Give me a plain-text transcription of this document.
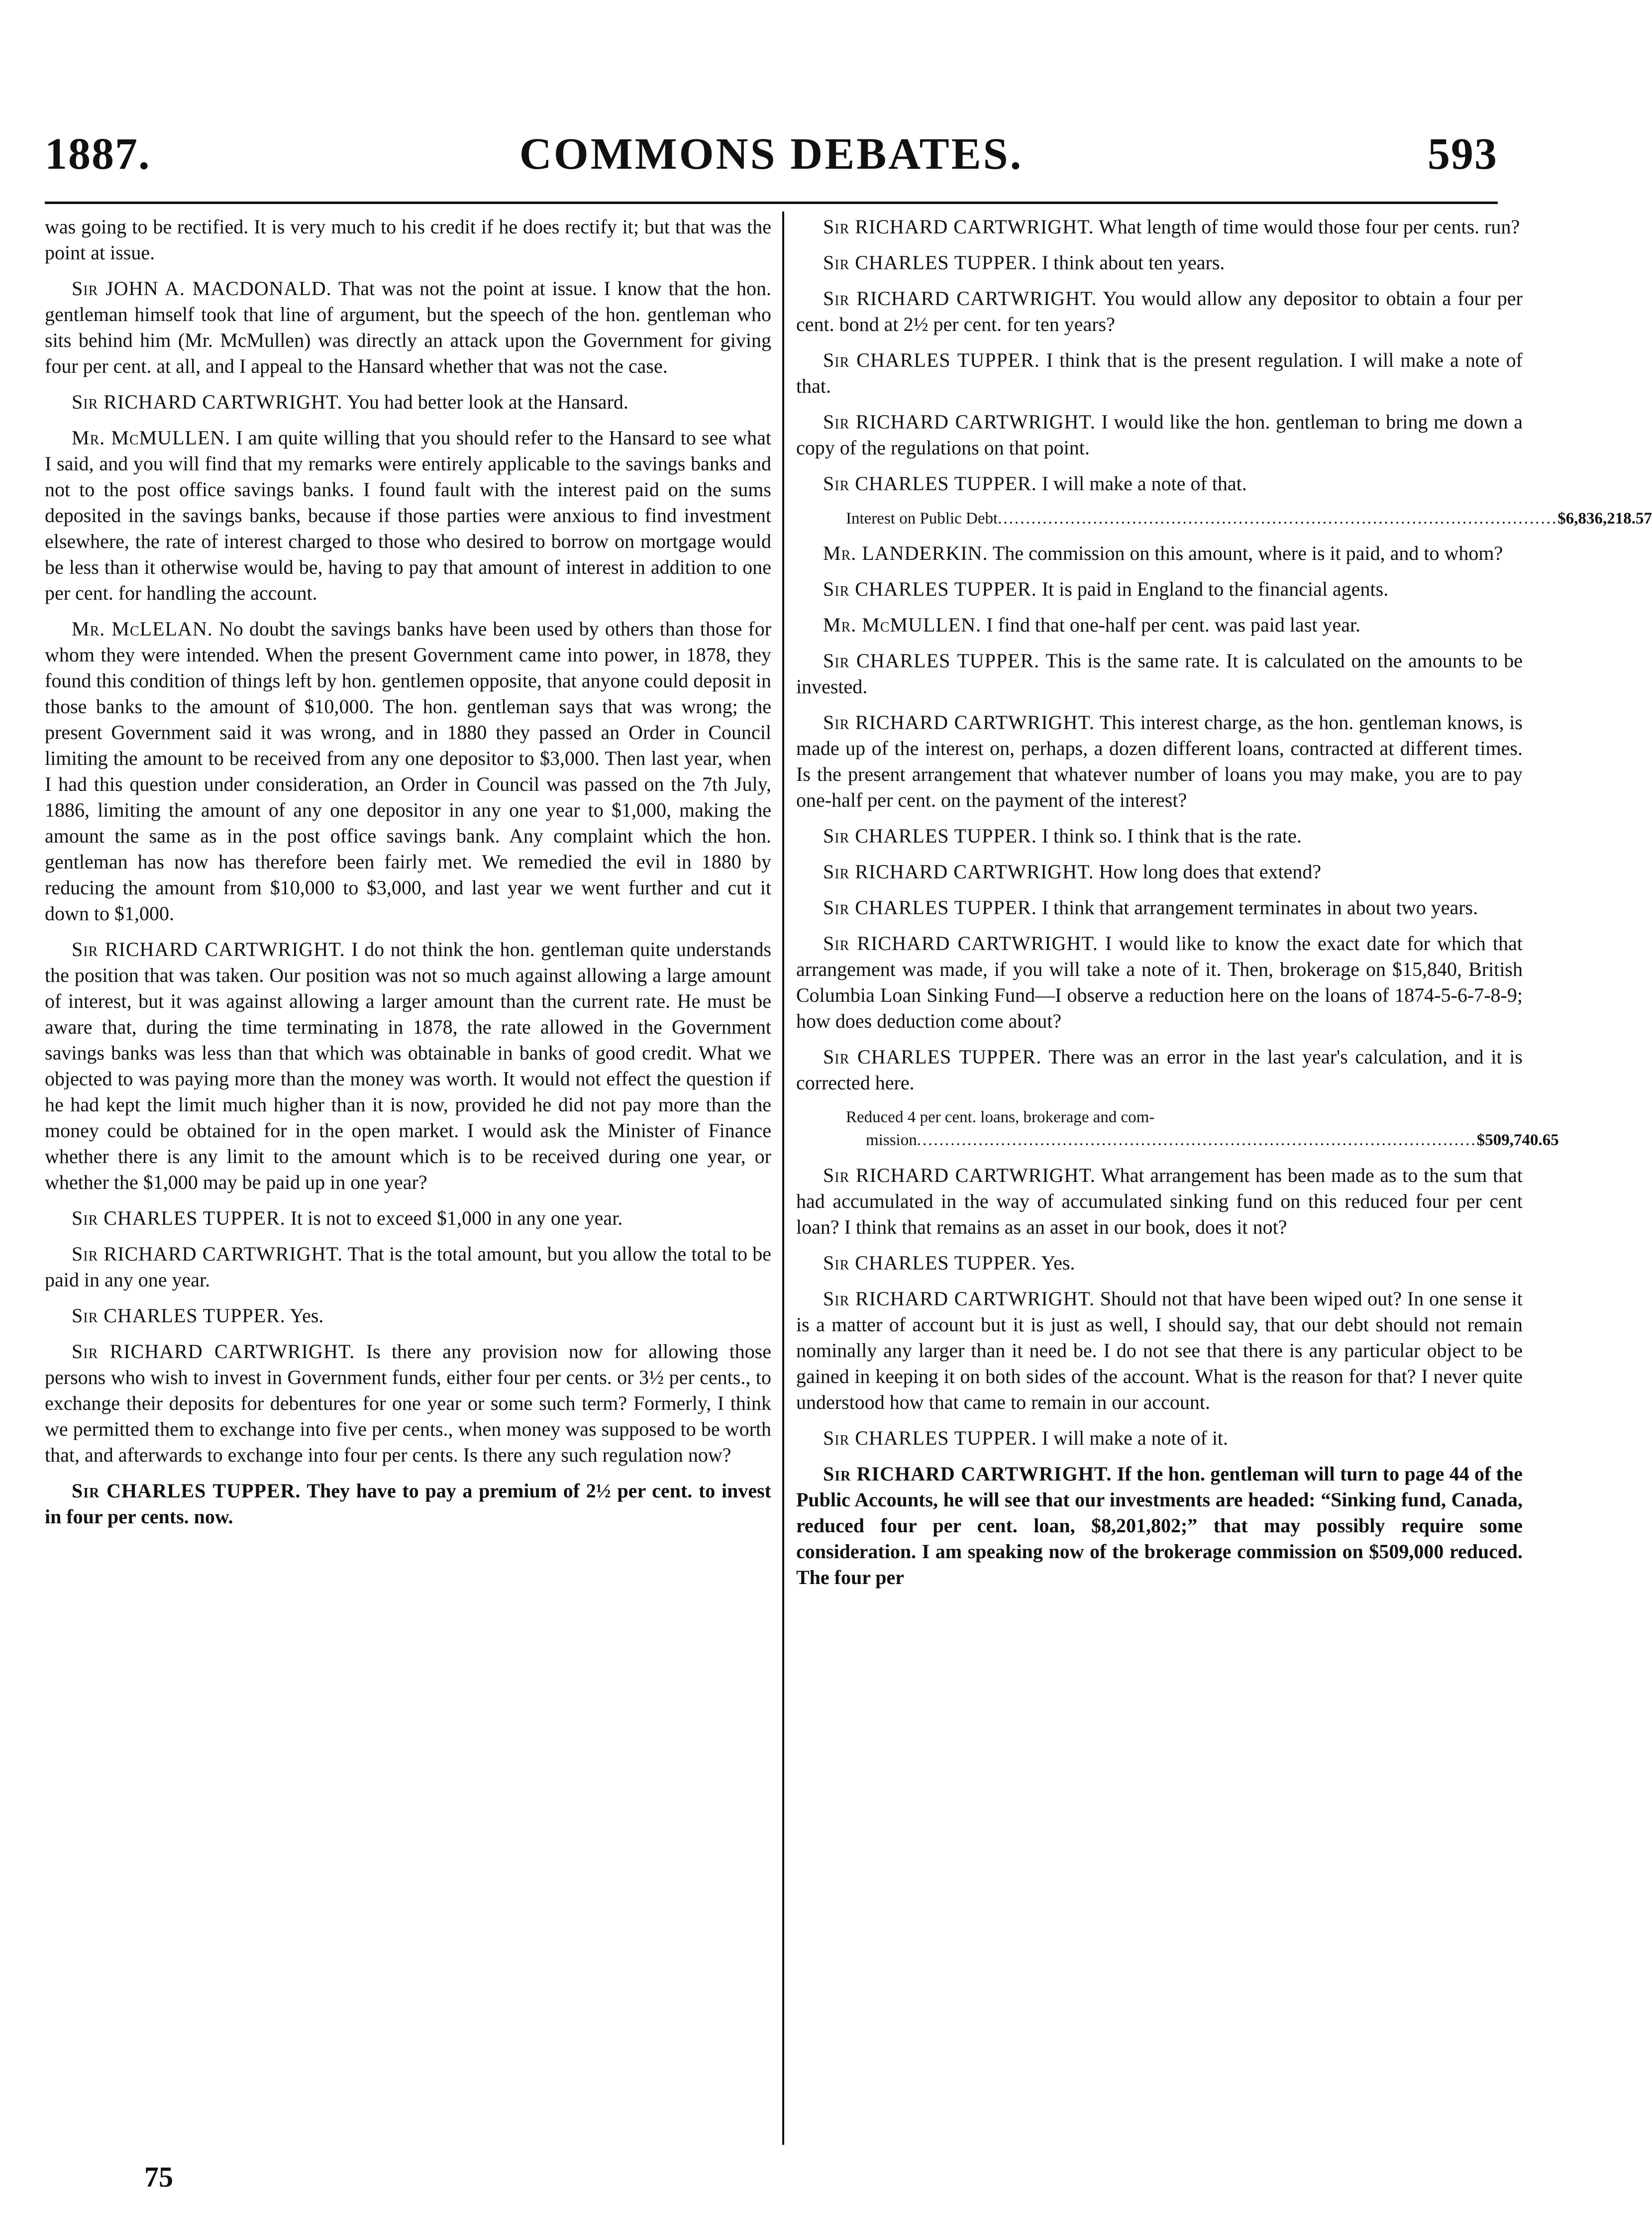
1887.	COMMONS DEBATES.	593

was going to be rectified. It is very much to his credit if he does rectify it; but that was the point at issue.

Sir JOHN A. MACDONALD. That was not the point at issue. I know that the hon. gentleman himself took that line of argument, but the speech of the hon. gentleman who sits behind him (Mr. McMullen) was directly an attack upon the Government for giving four per cent. at all, and I appeal to the Hansard whether that was not the case.

Sir RICHARD CARTWRIGHT. You had better look at the Hansard.

Mr. McMULLEN. I am quite willing that you should refer to the Hansard to see what I said, and you will find that my remarks were entirely applicable to the savings banks and not to the post office savings banks. I found fault with the interest paid on the sums deposited in the savings banks, because if those parties were anxious to find investment elsewhere, the rate of interest charged to those who desired to borrow on mortgage would be less than it otherwise would be, having to pay that amount of interest in addition to one per cent. for handling the account.

Mr. McLELAN. No doubt the savings banks have been used by others than those for whom they were intended. When the present Government came into power, in 1878, they found this condition of things left by hon. gentlemen opposite, that anyone could deposit in those banks to the amount of $10,000. The hon. gentleman says that was wrong; the present Government said it was wrong, and in 1880 they passed an Order in Council limiting the amount to be received from any one depositor to $3,000. Then last year, when I had this question under consideration, an Order in Council was passed on the 7th July, 1886, limiting the amount of any one depositor in any one year to $1,000, making the amount the same as in the post office savings bank. Any complaint which the hon. gentleman has now has therefore been fairly met. We remedied the evil in 1880 by reducing the amount from $10,000 to $3,000, and last year we went further and cut it down to $1,000.

Sir RICHARD CARTWRIGHT. I do not think the hon. gentleman quite understands the position that was taken. Our position was not so much against allowing a large amount of interest, but it was against allowing a larger amount than the current rate. He must be aware that, during the time terminating in 1878, the rate allowed in the Government savings banks was less than that which was obtainable in banks of good credit. What we objected to was paying more than the money was worth. It would not effect the question if he had kept the limit much higher than it is now, provided he did not pay more than the money could be obtained for in the open market. I would ask the Minister of Finance whether there is any limit to the amount which is to be received during one year, or whether the $1,000 may be paid up in one year?

Sir CHARLES TUPPER. It is not to exceed $1,000 in any one year.

Sir RICHARD CARTWRIGHT. That is the total amount, but you allow the total to be paid in any one year.

Sir CHARLES TUPPER. Yes.

Sir RICHARD CARTWRIGHT. Is there any provision now for allowing those persons who wish to invest in Government funds, either four per cents. or 3½ per cents., to exchange their deposits for debentures for one year or some such term? Formerly, I think we permitted them to exchange into five per cents., when money was supposed to be worth that, and afterwards to exchange into four per cents. Is there any such regulation now?

Sir CHARLES TUPPER. They have to pay a premium of 2½ per cent. to invest in four per cents. now.

Sir RICHARD CARTWRIGHT. What length of time would those four per cents. run?

Sir CHARLES TUPPER. I think about ten years.

Sir RICHARD CARTWRIGHT. You would allow any depositor to obtain a four per cent. bond at 2½ per cent. for ten years?

Sir CHARLES TUPPER. I think that is the present regulation. I will make a note of that.

Sir RICHARD CARTWRIGHT. I would like the hon. gentleman to bring me down a copy of the regulations on that point.

Sir CHARLES TUPPER. I will make a note of that.

Interest on Public Debt .................................................................................................... $6,836,218.57

Mr. LANDERKIN. The commission on this amount, where is it paid, and to whom?

Sir CHARLES TUPPER. It is paid in England to the financial agents.

Mr. McMULLEN. I find that one-half per cent. was paid last year.

Sir CHARLES TUPPER. This is the same rate. It is calculated on the amounts to be invested.

Sir RICHARD CARTWRIGHT. This interest charge, as the hon. gentleman knows, is made up of the interest on, perhaps, a dozen different loans, contracted at different times. Is the present arrangement that whatever number of loans you may make, you are to pay one-half per cent. on the payment of the interest?

Sir CHARLES TUPPER. I think so. I think that is the rate.

Sir RICHARD CARTWRIGHT. How long does that extend?

Sir CHARLES TUPPER. I think that arrangement terminates in about two years.

Sir RICHARD CARTWRIGHT. I would like to know the exact date for which that arrangement was made, if you will take a note of it. Then, brokerage on $15,840, British Columbia Loan Sinking Fund—I observe a reduction here on the loans of 1874-5-6-7-8-9; how does deduction come about?

Sir CHARLES TUPPER. There was an error in the last year's calculation, and it is corrected here.

Reduced 4 per cent. loans, brokerage and com-
mission .................................................................................................... $509,740.65

Sir RICHARD CARTWRIGHT. What arrangement has been made as to the sum that had accumulated in the way of accumulated sinking fund on this reduced four per cent loan? I think that remains as an asset in our book, does it not?

Sir CHARLES TUPPER. Yes.

Sir RICHARD CARTWRIGHT. Should not that have been wiped out? In one sense it is a matter of account but it is just as well, I should say, that our debt should not remain nominally any larger than it need be. I do not see that there is any particular object to be gained in keeping it on both sides of the account. What is the reason for that? I never quite understood how that came to remain in our account.

Sir CHARLES TUPPER. I will make a note of it.

Sir RICHARD CARTWRIGHT. If the hon. gentleman will turn to page 44 of the Public Accounts, he will see that our investments are headed: “Sinking fund, Canada, reduced four per cent. loan, $8,201,802;” that may possibly require some consideration. I am speaking now of the brokerage commission on $509,000 reduced. The four per

75
